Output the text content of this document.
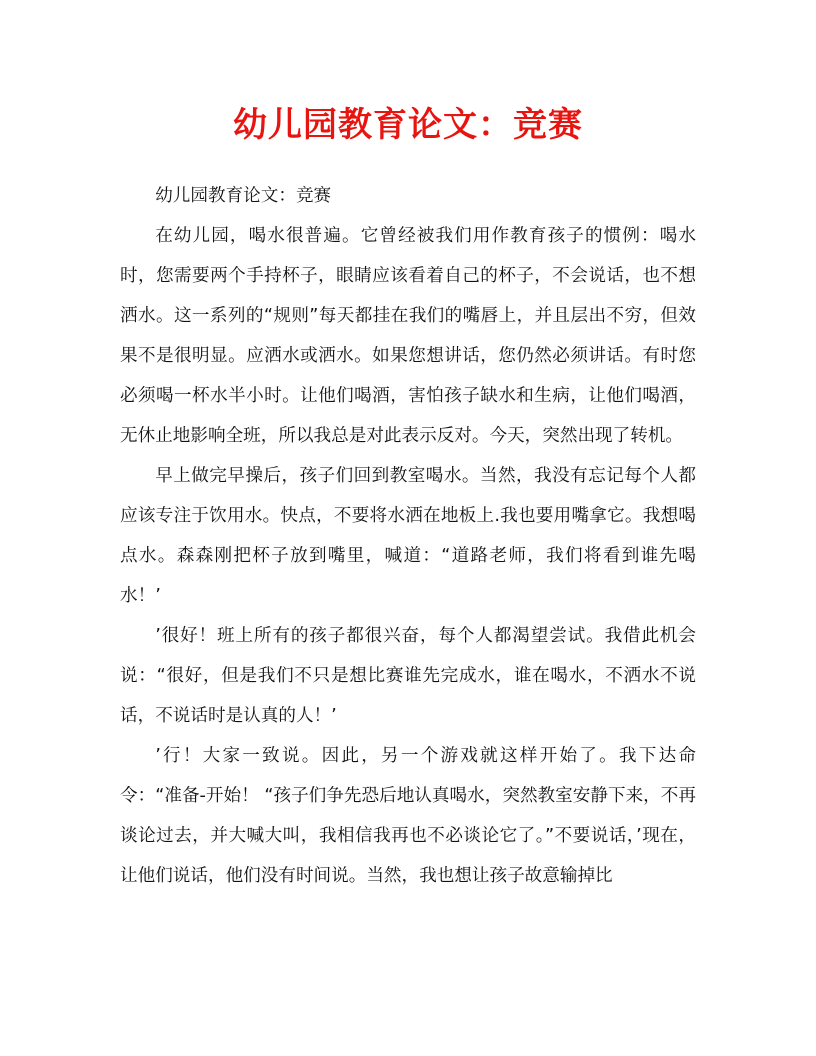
幼儿园教育论文：竞赛

幼儿园教育论文：竞赛

在幼儿园，喝水很普遍。它曾经被我们用作教育孩子的惯例：喝水时，您需要两个手持杯子，眼睛应该看着自己的杯子，不会说话，也不想洒水。这一系列的“规则”每天都挂在我们的嘴唇上，并且层出不穷，但效果不是很明显。应洒水或洒水。如果您想讲话，您仍然必须讲话。有时您必须喝一杯水半小时。让他们喝酒，害怕孩子缺水和生病，让他们喝酒，无休止地影响全班，所以我总是对此表示反对。今天，突然出现了转机。

早上做完早操后，孩子们回到教室喝水。当然，我没有忘记每个人都应该专注于饮用水。快点，不要将水洒在地板上.我也要用嘴拿它。我想喝点水。森森刚把杯子放到嘴里，喊道：“道路老师，我们将看到谁先喝水！’

’很好！班上所有的孩子都很兴奋，每个人都渴望尝试。我借此机会说：“很好，但是我们不只是想比赛谁先完成水，谁在喝水，不洒水不说话，不说话时是认真的人！’

’行！大家一致说。因此，另一个游戏就这样开始了。我下达命令：“准备-开始！ “孩子们争先恐后地认真喝水，突然教室安静下来，不再谈论过去，并大喊大叫，我相信我再也不必谈论它了。”不要说话，’现在，让他们说话，他们没有时间说。当然，我也想让孩子故意输掉比
